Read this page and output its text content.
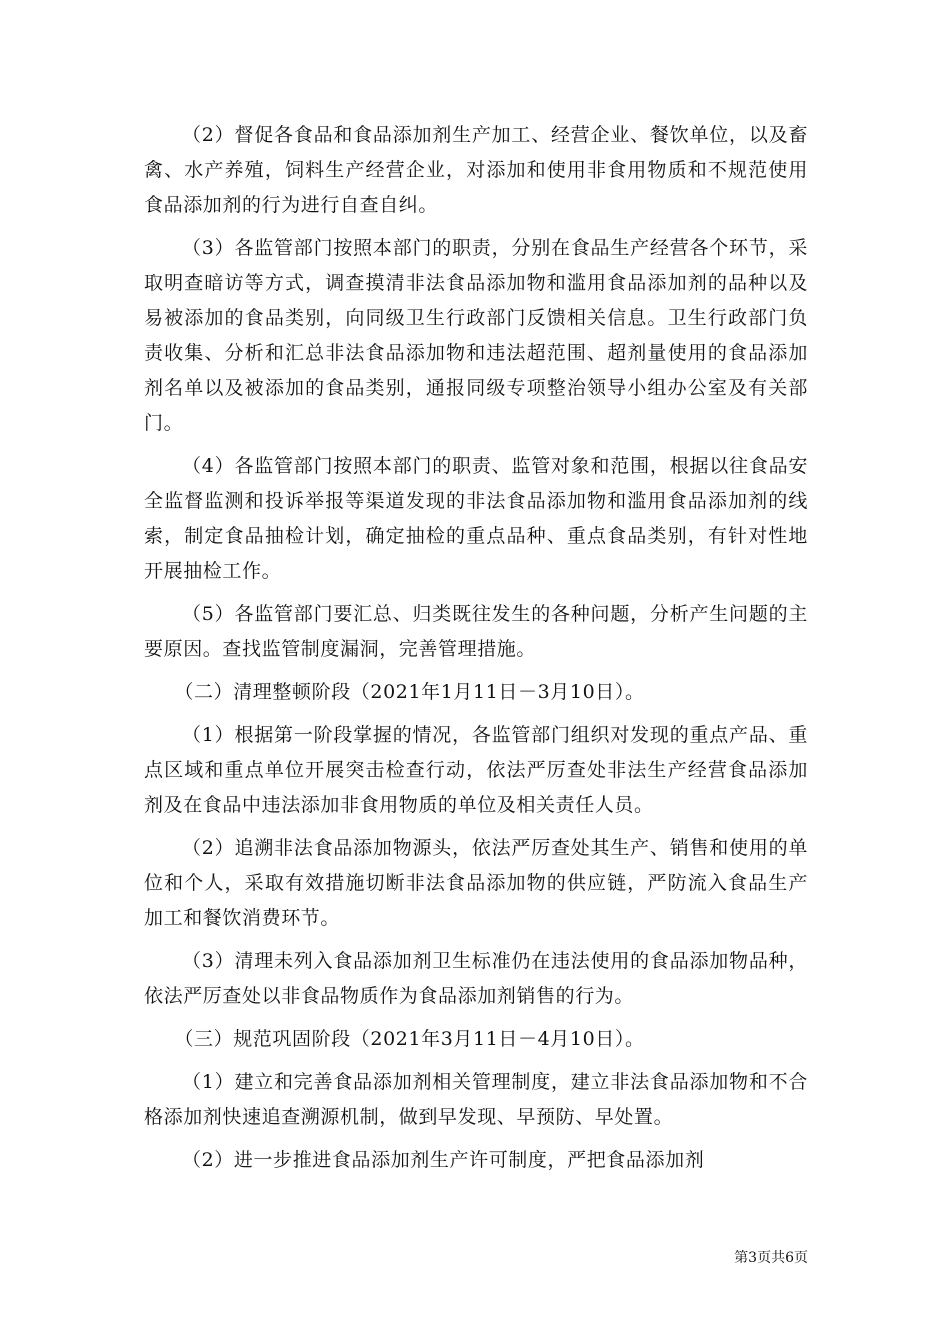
（2）督促各食品和食品添加剂生产加工、经营企业、餐饮单位，以及畜禽、水产养殖，饲料生产经营企业，对添加和使用非食用物质和不规范使用食品添加剂的行为进行自查自纠。

（3）各监管部门按照本部门的职责，分别在食品生产经营各个环节，采取明查暗访等方式，调查摸清非法食品添加物和滥用食品添加剂的品种以及易被添加的食品类别，向同级卫生行政部门反馈相关信息。卫生行政部门负责收集、分析和汇总非法食品添加物和违法超范围、超剂量使用的食品添加剂名单以及被添加的食品类别，通报同级专项整治领导小组办公室及有关部门。

（4）各监管部门按照本部门的职责、监管对象和范围，根据以往食品安全监督监测和投诉举报等渠道发现的非法食品添加物和滥用食品添加剂的线索，制定食品抽检计划，确定抽检的重点品种、重点食品类别，有针对性地开展抽检工作。

（5）各监管部门要汇总、归类既往发生的各种问题，分析产生问题的主要原因。查找监管制度漏洞，完善管理措施。

（二）清理整顿阶段（2021年1月11日－3月10日）。

（1）根据第一阶段掌握的情况，各监管部门组织对发现的重点产品、重点区域和重点单位开展突击检查行动，依法严厉查处非法生产经营食品添加剂及在食品中违法添加非食用物质的单位及相关责任人员。

（2）追溯非法食品添加物源头，依法严厉查处其生产、销售和使用的单位和个人，采取有效措施切断非法食品添加物的供应链，严防流入食品生产加工和餐饮消费环节。

（3）清理未列入食品添加剂卫生标准仍在违法使用的食品添加物品种，依法严厉查处以非食品物质作为食品添加剂销售的行为。

（三）规范巩固阶段（2021年3月11日－4月10日）。

（1）建立和完善食品添加剂相关管理制度，建立非法食品添加物和不合格添加剂快速追查溯源机制，做到早发现、早预防、早处置。

（2）进一步推进食品添加剂生产许可制度，严把食品添加剂

第3页共6页
